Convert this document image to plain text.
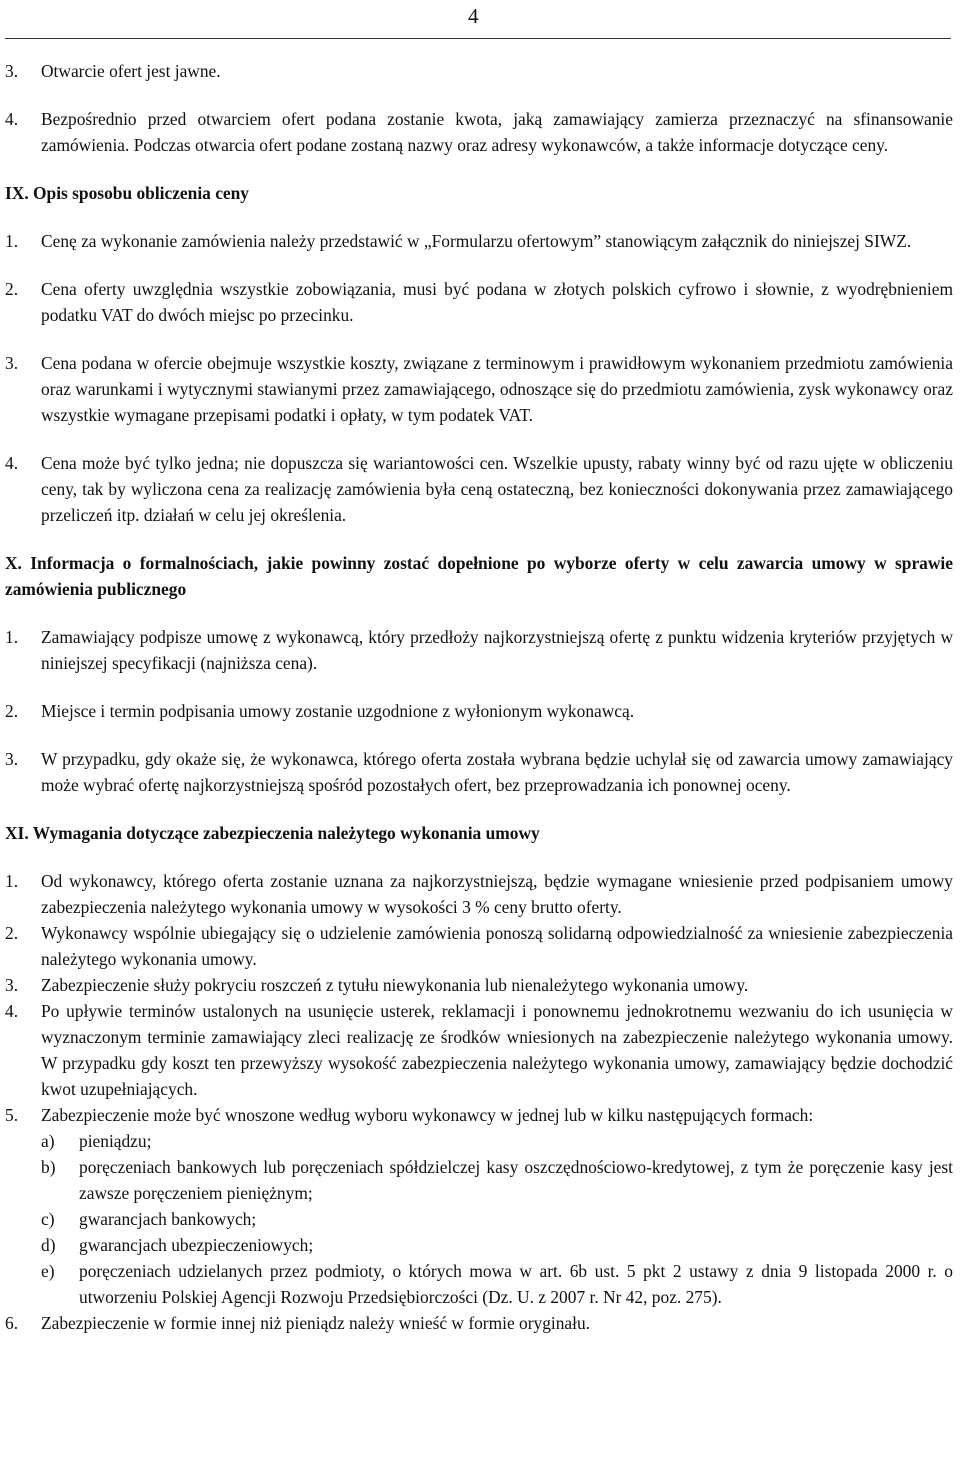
4
3. Otwarcie ofert jest jawne.
4. Bezpośrednio przed otwarciem ofert podana zostanie kwota, jaką zamawiający zamierza przeznaczyć na sfinansowanie zamówienia. Podczas otwarcia ofert podane zostaną nazwy oraz adresy wykonawców, a także informacje dotyczące ceny.
IX. Opis sposobu obliczenia ceny
1. Cenę za wykonanie zamówienia należy przedstawić w „Formularzu ofertowym” stanowiącym załącznik do niniejszej SIWZ.
2. Cena oferty uwzględnia wszystkie zobowiązania, musi być podana w złotych polskich cyfrowo i słownie, z wyodrębnieniem podatku VAT do dwóch miejsc po przecinku.
3. Cena podana w ofercie obejmuje wszystkie koszty, związane z terminowym i prawidłowym wykonaniem przedmiotu zamówienia oraz warunkami i wytycznymi stawianymi przez zamawiającego, odnoszące się do przedmiotu zamówienia, zysk wykonawcy oraz wszystkie wymagane przepisami podatki i opłaty, w tym podatek VAT.
4. Cena może być tylko jedna; nie dopuszcza się wariantowości cen. Wszelkie upusty, rabaty winny być od razu ujęte w obliczeniu ceny, tak by wyliczona cena za realizację zamówienia była ceną ostateczną, bez konieczności dokonywania przez zamawiającego przeliczeń itp. działań w celu jej określenia.
X. Informacja o formalnościach, jakie powinny zostać dopełnione po wyborze oferty w celu zawarcia umowy w sprawie zamówienia publicznego
1. Zamawiający podpisze umowę z wykonawcą, który przedłoży najkorzystniejszą ofertę z punktu widzenia kryteriów przyjętych w niniejszej specyfikacji (najniższa cena).
2. Miejsce i termin podpisania umowy zostanie uzgodnione z wyłonionym wykonawcą.
3. W przypadku, gdy okaże się, że wykonawca, którego oferta została wybrana będzie uchylał się od zawarcia umowy zamawiający może wybrać ofertę najkorzystniejszą spośród pozostałych ofert, bez przeprowadzania ich ponownej oceny.
XI. Wymagania dotyczące zabezpieczenia należytego wykonania umowy
1. Od wykonawcy, którego oferta zostanie uznana za najkorzystniejszą, będzie wymagane wniesienie przed podpisaniem umowy zabezpieczenia należytego wykonania umowy w wysokości 3 % ceny brutto oferty.
2. Wykonawcy wspólnie ubiegający się o udzielenie zamówienia ponoszą solidarną odpowiedzialność za wniesienie zabezpieczenia należytego wykonania umowy.
3. Zabezpieczenie służy pokryciu roszczeń z tytułu niewykonania lub nienależytego wykonania umowy.
4. Po upływie terminów ustalonych na usunięcie usterek, reklamacji i ponownemu jednokrotnemu wezwaniu do ich usunięcia w wyznaczonym terminie zamawiający zleci realizację ze środków wniesionych na zabezpieczenie należytego wykonania umowy. W przypadku gdy koszt ten przewyższy wysokość zabezpieczenia należytego wykonania umowy, zamawiający będzie dochodzić kwot uzupełniających.
5. Zabezpieczenie może być wnoszone według wyboru wykonawcy w jednej lub w kilku następujących formach:
a) pieniądzu;
b) poręczeniach bankowych lub poręczeniach spółdzielczej kasy oszczędnościowo-kredytowej, z tym że poręczenie kasy jest zawsze poręczeniem pieniężnym;
c) gwarancjach bankowych;
d) gwarancjach ubezpieczeniowych;
e) poręczeniach udzielanych przez podmioty, o których mowa w art. 6b ust. 5 pkt 2 ustawy z dnia 9 listopada 2000 r. o utworzeniu Polskiej Agencji Rozwoju Przedsiębiorczości (Dz. U. z 2007 r. Nr 42, poz. 275).
6. Zabezpieczenie w formie innej niż pieniądz należy wnieść w formie oryginału.
